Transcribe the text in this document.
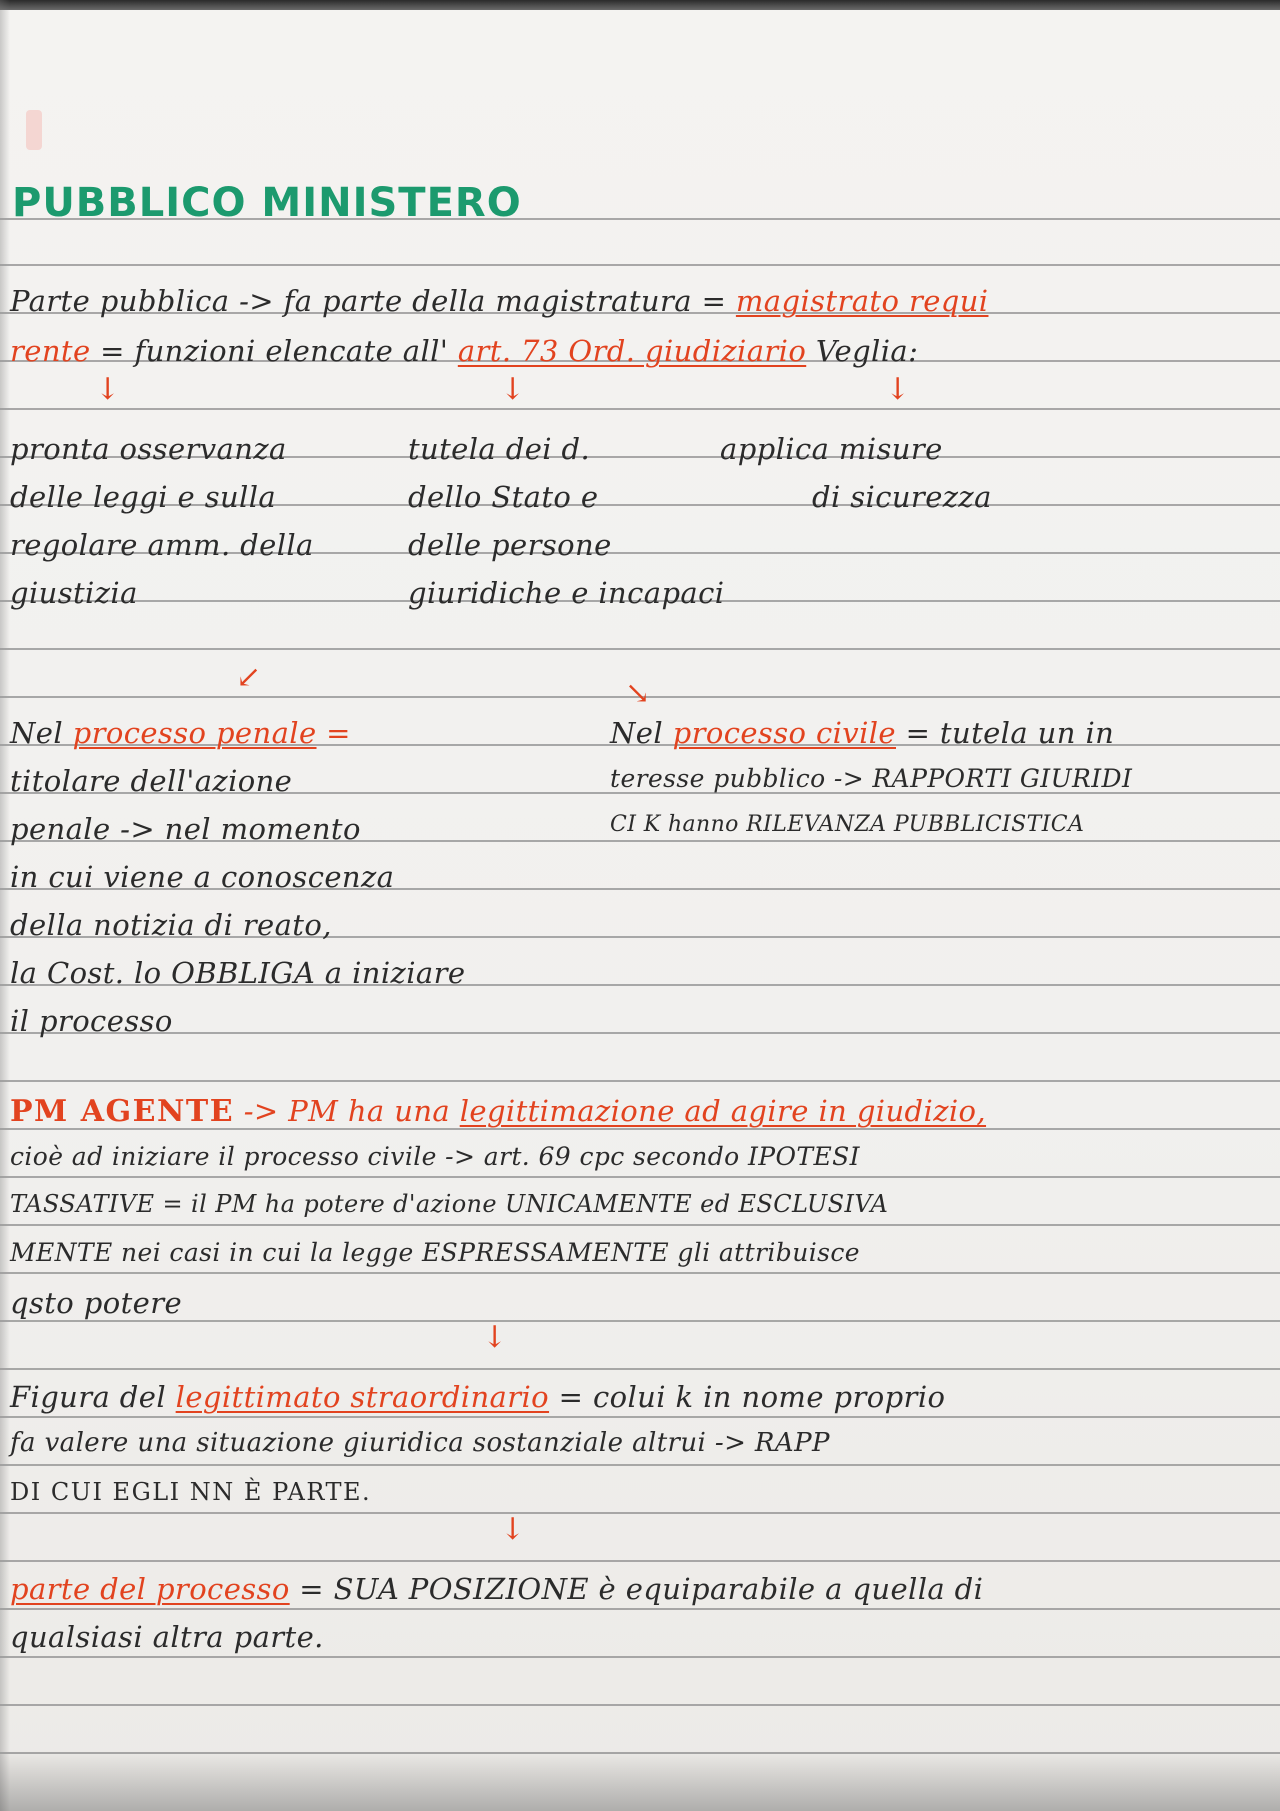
PUBBLICO MINISTERO
Parte pubblica -> fa parte della magistratura = magistrato requi
rente = funzioni elencate all' art. 73 Ord. giudiziario Veglia:
↓	↓	↓
pronta osservanza
delle leggi e sulla
regolare amm. della
giustizia
tutela dei d.
dello Stato e
delle persone
giuridiche e incapaci
applica misure
di sicurezza
↙	↘
Nel processo penale =
titolare dell'azione
penale -> nel momento
in cui viene a conoscenza
della notizia di reato,
la Cost. lo OBBLIGA a iniziare
il processo
Nel processo civile = tutela un in
teresse pubblico -> RAPPORTI GIURIDI
CI K hanno RILEVANZA PUBBLICISTICA
PM AGENTE -> PM ha una legittimazione ad agire in giudizio,
cioè ad iniziare il processo civile -> art. 69 cpc secondo IPOTESI
TASSATIVE = il PM ha potere d'azione UNICAMENTE ed ESCLUSIVA
MENTE nei casi in cui la legge ESPRESSAMENTE gli attribuisce
qsto potere
↓
Figura del legittimato straordinario = colui k in nome proprio
fa valere una situazione giuridica sostanziale altrui -> RAPP
DI CUI EGLI NN È PARTE.
↓
parte del processo = SUA POSIZIONE è equiparabile a quella di
qualsiasi altra parte.
